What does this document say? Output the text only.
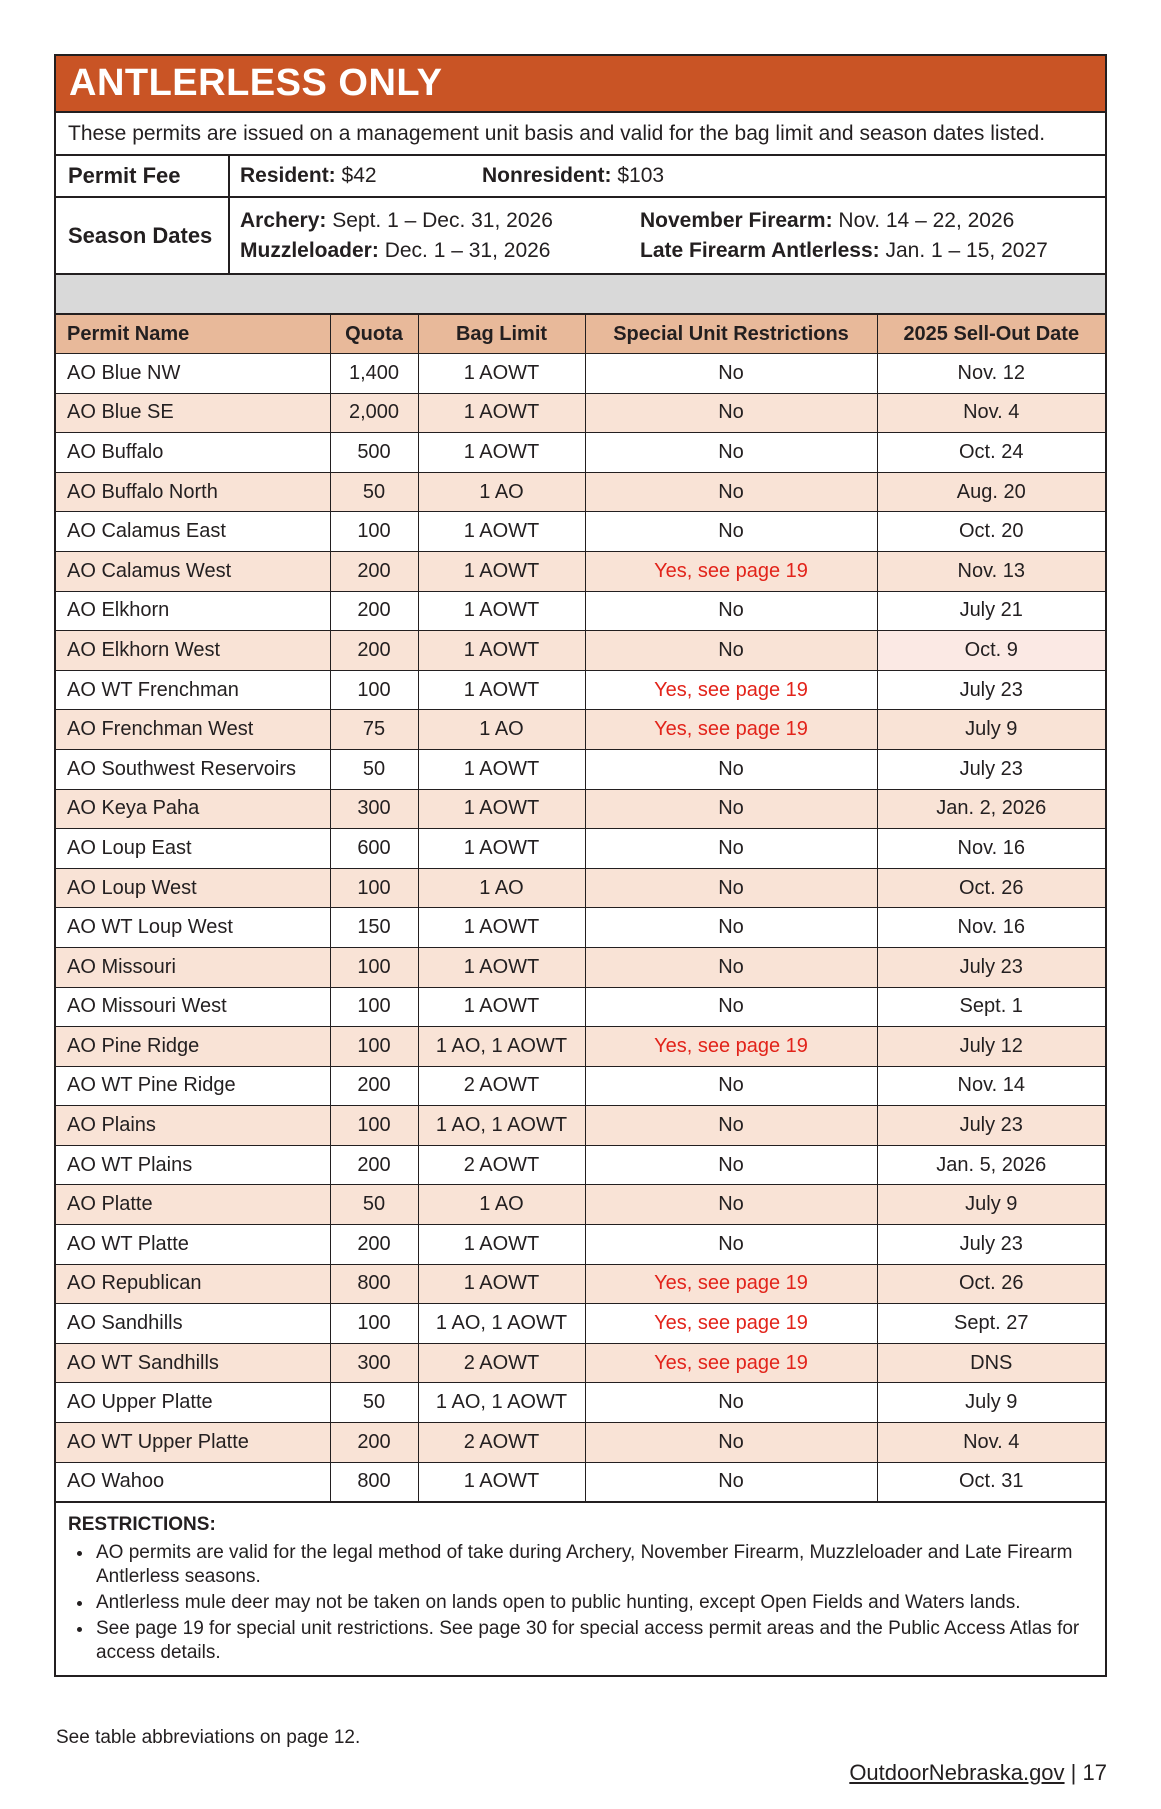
ANTLERLESS ONLY
These permits are issued on a management unit basis and valid for the bag limit and season dates listed.
Permit Fee	Resident: $42	Nonresident: $103
Season Dates
Archery: Sept. 1 – Dec. 31, 2026	November Firearm: Nov. 14 – 22, 2026
Muzzleloader: Dec. 1 – 31, 2026	Late Firearm Antlerless: Jan. 1 – 15, 2027
Permit Name	Quota	Bag Limit	Special Unit Restrictions	2025 Sell-Out Date
AO Blue NW	1,400	1 AOWT	No	Nov. 12
AO Blue SE	2,000	1 AOWT	No	Nov. 4
AO Buffalo	500	1 AOWT	No	Oct. 24
AO Buffalo North	50	1 AO	No	Aug. 20
AO Calamus East	100	1 AOWT	No	Oct. 20
AO Calamus West	200	1 AOWT	Yes, see page 19	Nov. 13
AO Elkhorn	200	1 AOWT	No	July 21
AO Elkhorn West	200	1 AOWT	No	Oct. 9
AO WT Frenchman	100	1 AOWT	Yes, see page 19	July 23
AO Frenchman West	75	1 AO	Yes, see page 19	July 9
AO Southwest Reservoirs	50	1 AOWT	No	July 23
AO Keya Paha	300	1 AOWT	No	Jan. 2, 2026
AO Loup East	600	1 AOWT	No	Nov. 16
AO Loup West	100	1 AO	No	Oct. 26
AO WT Loup West	150	1 AOWT	No	Nov. 16
AO Missouri	100	1 AOWT	No	July 23
AO Missouri West	100	1 AOWT	No	Sept. 1
AO Pine Ridge	100	1 AO, 1 AOWT	Yes, see page 19	July 12
AO WT Pine Ridge	200	2 AOWT	No	Nov. 14
AO Plains	100	1 AO, 1 AOWT	No	July 23
AO WT Plains	200	2 AOWT	No	Jan. 5, 2026
AO Platte	50	1 AO	No	July 9
AO WT Platte	200	1 AOWT	No	July 23
AO Republican	800	1 AOWT	Yes, see page 19	Oct. 26
AO Sandhills	100	1 AO, 1 AOWT	Yes, see page 19	Sept. 27
AO WT Sandhills	300	2 AOWT	Yes, see page 19	DNS
AO Upper Platte	50	1 AO, 1 AOWT	No	July 9
AO WT Upper Platte	200	2 AOWT	No	Nov. 4
AO Wahoo	800	1 AOWT	No	Oct. 31
RESTRICTIONS:
• AO permits are valid for the legal method of take during Archery, November Firearm, Muzzleloader and Late Firearm Antlerless seasons.
• Antlerless mule deer may not be taken on lands open to public hunting, except Open Fields and Waters lands.
• See page 19 for special unit restrictions. See page 30 for special access permit areas and the Public Access Atlas for access details.
See table abbreviations on page 12.
OutdoorNebraska.gov | 17
